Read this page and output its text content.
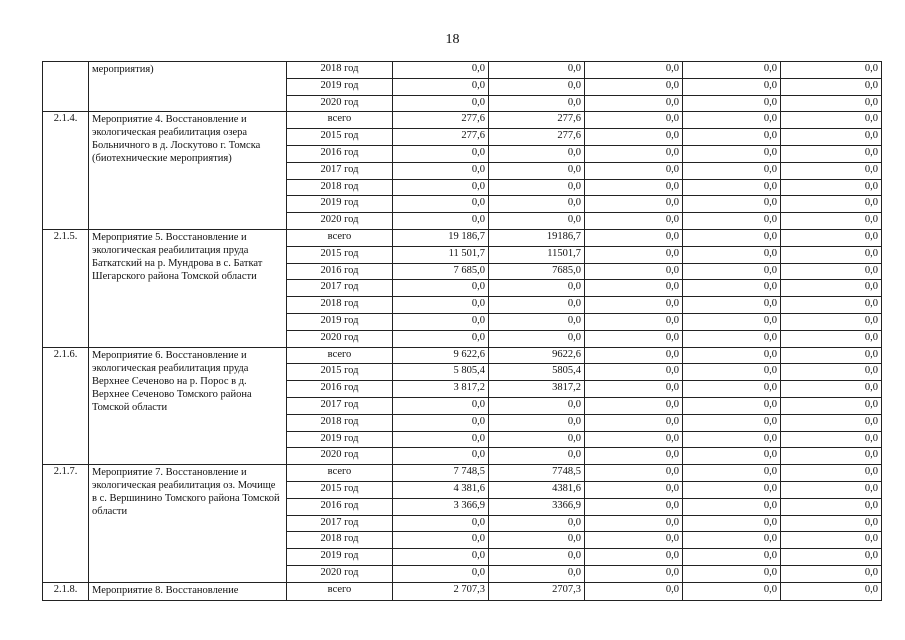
18
	мероприятия)	2018 год	0,0	0,0	0,0	0,0	0,0
		2019 год	0,0	0,0	0,0	0,0	0,0
		2020 год	0,0	0,0	0,0	0,0	0,0
2.1.4.	Мероприятие 4. Восстановление и экологическая реабилитация озера Больничного в д. Лоскутово г. Томска (биотехнические мероприятия)	всего	277,6	277,6	0,0	0,0	0,0
		2015 год	277,6	277,6	0,0	0,0	0,0
		2016 год	0,0	0,0	0,0	0,0	0,0
		2017 год	0,0	0,0	0,0	0,0	0,0
		2018 год	0,0	0,0	0,0	0,0	0,0
		2019 год	0,0	0,0	0,0	0,0	0,0
		2020 год	0,0	0,0	0,0	0,0	0,0
2.1.5.	Мероприятие 5. Восстановление и экологическая реабилитация пруда Баткатский на р. Мундрова в с. Баткат Шегарского района Томской области	всего	19 186,7	19186,7	0,0	0,0	0,0
		2015 год	11 501,7	11501,7	0,0	0,0	0,0
		2016 год	7 685,0	7685,0	0,0	0,0	0,0
		2017 год	0,0	0,0	0,0	0,0	0,0
		2018 год	0,0	0,0	0,0	0,0	0,0
		2019 год	0,0	0,0	0,0	0,0	0,0
		2020 год	0,0	0,0	0,0	0,0	0,0
2.1.6.	Мероприятие 6. Восстановление и экологическая реабилитация пруда Верхнее Сеченово на р. Порос в д. Верхнее Сеченово Томского района Томской области	всего	9 622,6	9622,6	0,0	0,0	0,0
		2015 год	5 805,4	5805,4	0,0	0,0	0,0
		2016 год	3 817,2	3817,2	0,0	0,0	0,0
		2017 год	0,0	0,0	0,0	0,0	0,0
		2018 год	0,0	0,0	0,0	0,0	0,0
		2019 год	0,0	0,0	0,0	0,0	0,0
		2020 год	0,0	0,0	0,0	0,0	0,0
2.1.7.	Мероприятие 7. Восстановление и экологическая реабилитация оз. Мочище в с. Вершинино Томского района Томской области	всего	7 748,5	7748,5	0,0	0,0	0,0
		2015 год	4 381,6	4381,6	0,0	0,0	0,0
		2016 год	3 366,9	3366,9	0,0	0,0	0,0
		2017 год	0,0	0,0	0,0	0,0	0,0
		2018 год	0,0	0,0	0,0	0,0	0,0
		2019 год	0,0	0,0	0,0	0,0	0,0
		2020 год	0,0	0,0	0,0	0,0	0,0
2.1.8.	Мероприятие 8. Восстановление	всего	2 707,3	2707,3	0,0	0,0	0,0
